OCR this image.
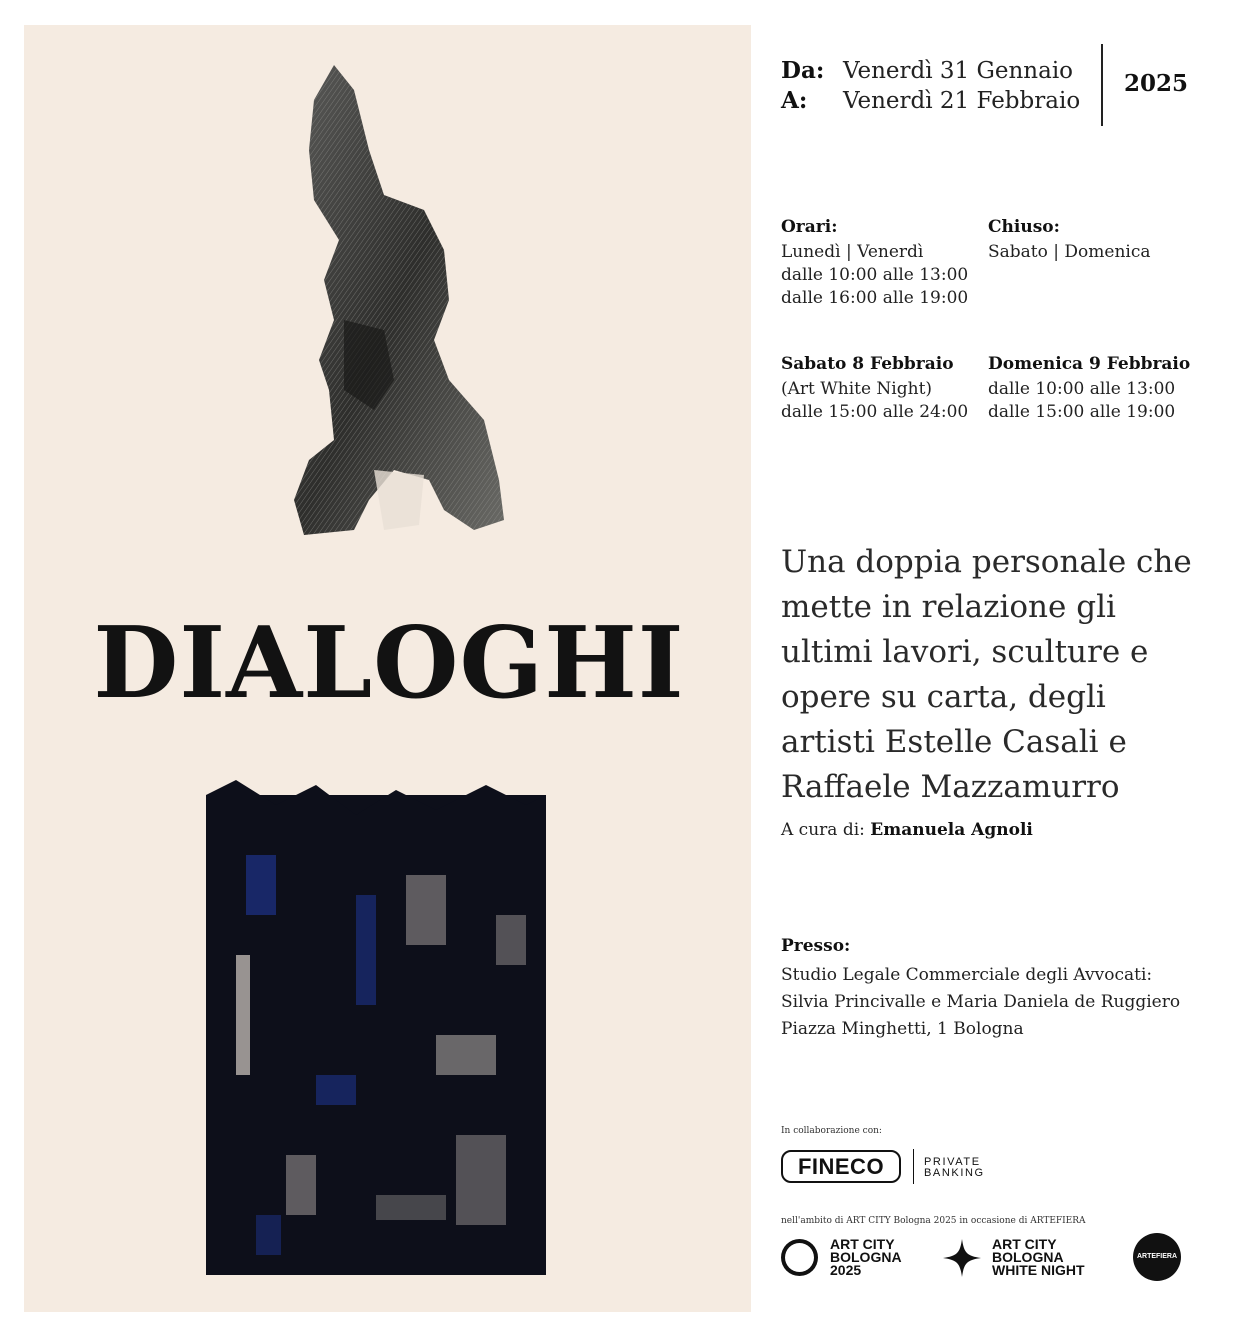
DIALOGHI
Da: Venerdì 31 Gennaio
A: Venerdì 21 Febbraio
2025
Orari:
Lunedì | Venerdì
dalle 10:00 alle 13:00
dalle 16:00 alle 19:00
Chiuso:
Sabato | Domenica
Sabato 8 Febbraio
(Art White Night)
dalle 15:00 alle 24:00
Domenica 9 Febbraio
dalle 10:00 alle 13:00
dalle 15:00 alle 19:00
Una doppia personale che mette in relazione gli ultimi lavori, sculture e opere su carta, degli artisti Estelle Casali e Raffaele Mazzamurro
A cura di: Emanuela Agnoli
Presso:
Studio Legale Commerciale degli Avvocati:
Silvia Princivalle e Maria Daniela de Ruggiero
Piazza Minghetti, 1 Bologna
In collaborazione con:
FINECO	PRIVATE
BANKING
nell'ambito di ART CITY Bologna 2025 in occasione di ARTEFIERA
ART CITY
BOLOGNA
2025
ART CITY
BOLOGNA
WHITE NIGHT
ARTEFIERA
